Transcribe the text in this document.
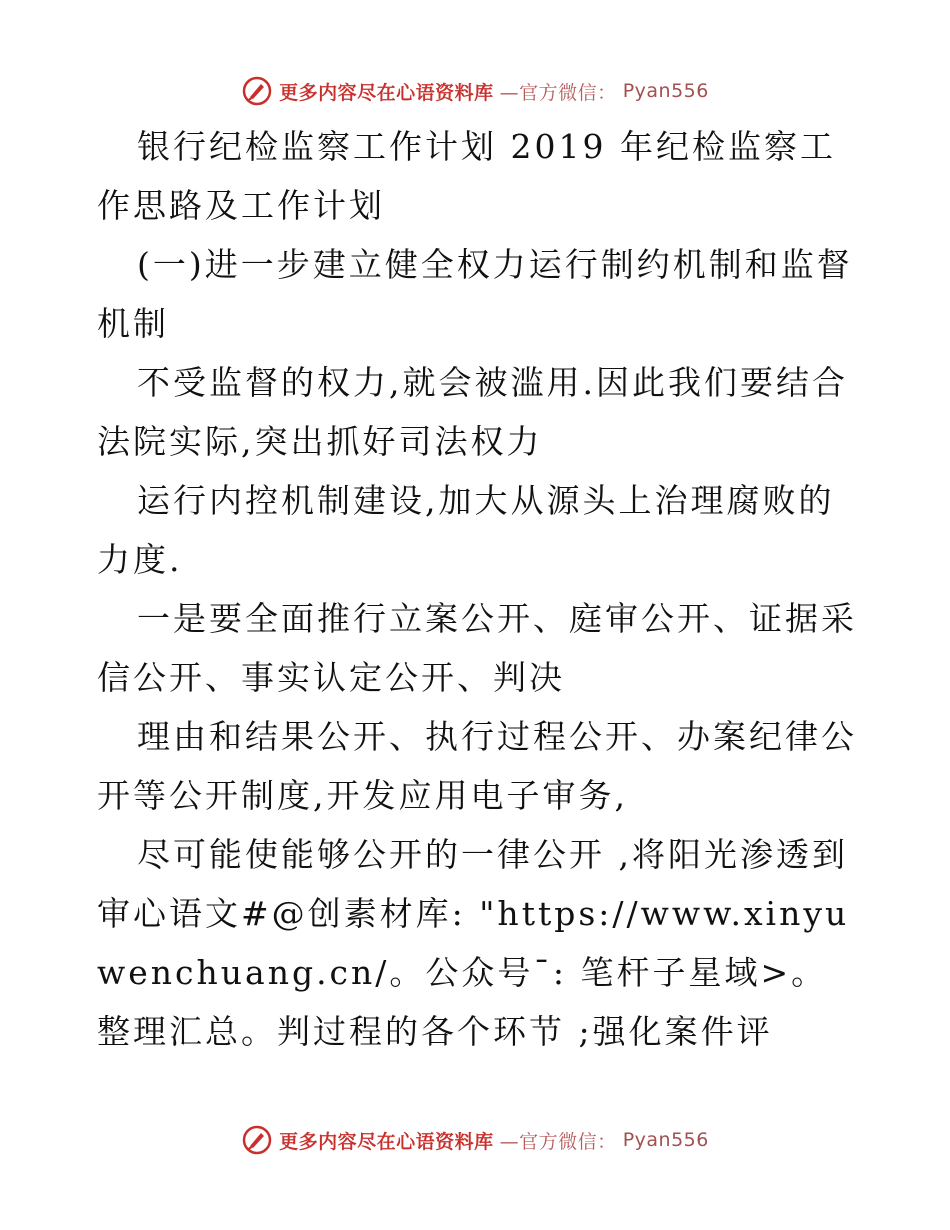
更多内容尽在心语资料库 —官方微信： Pyan556

银行纪检监察工作计划 2019 年纪检监察工作思路及工作计划

(一)进一步建立健全权力运行制约机制和监督机制

不受监督的权力,就会被滥用.因此我们要结合法院实际,突出抓好司法权力

运行内控机制建设,加大从源头上治理腐败的力度.

一是要全面推行立案公开、庭审公开、证据采信公开、事实认定公开、判决

理由和结果公开、执行过程公开、办案纪律公开等公开制度,开发应用电子审务,

尽可能使能够公开的一律公开 ,将阳光渗透到审心语文#@创素材库: "https://www.xinyuwenchuang.cn/。公众号¯: 笔杆子星域>。整理汇总。判过程的各个环节 ;强化案件评

更多内容尽在心语资料库 —官方微信： Pyan556
